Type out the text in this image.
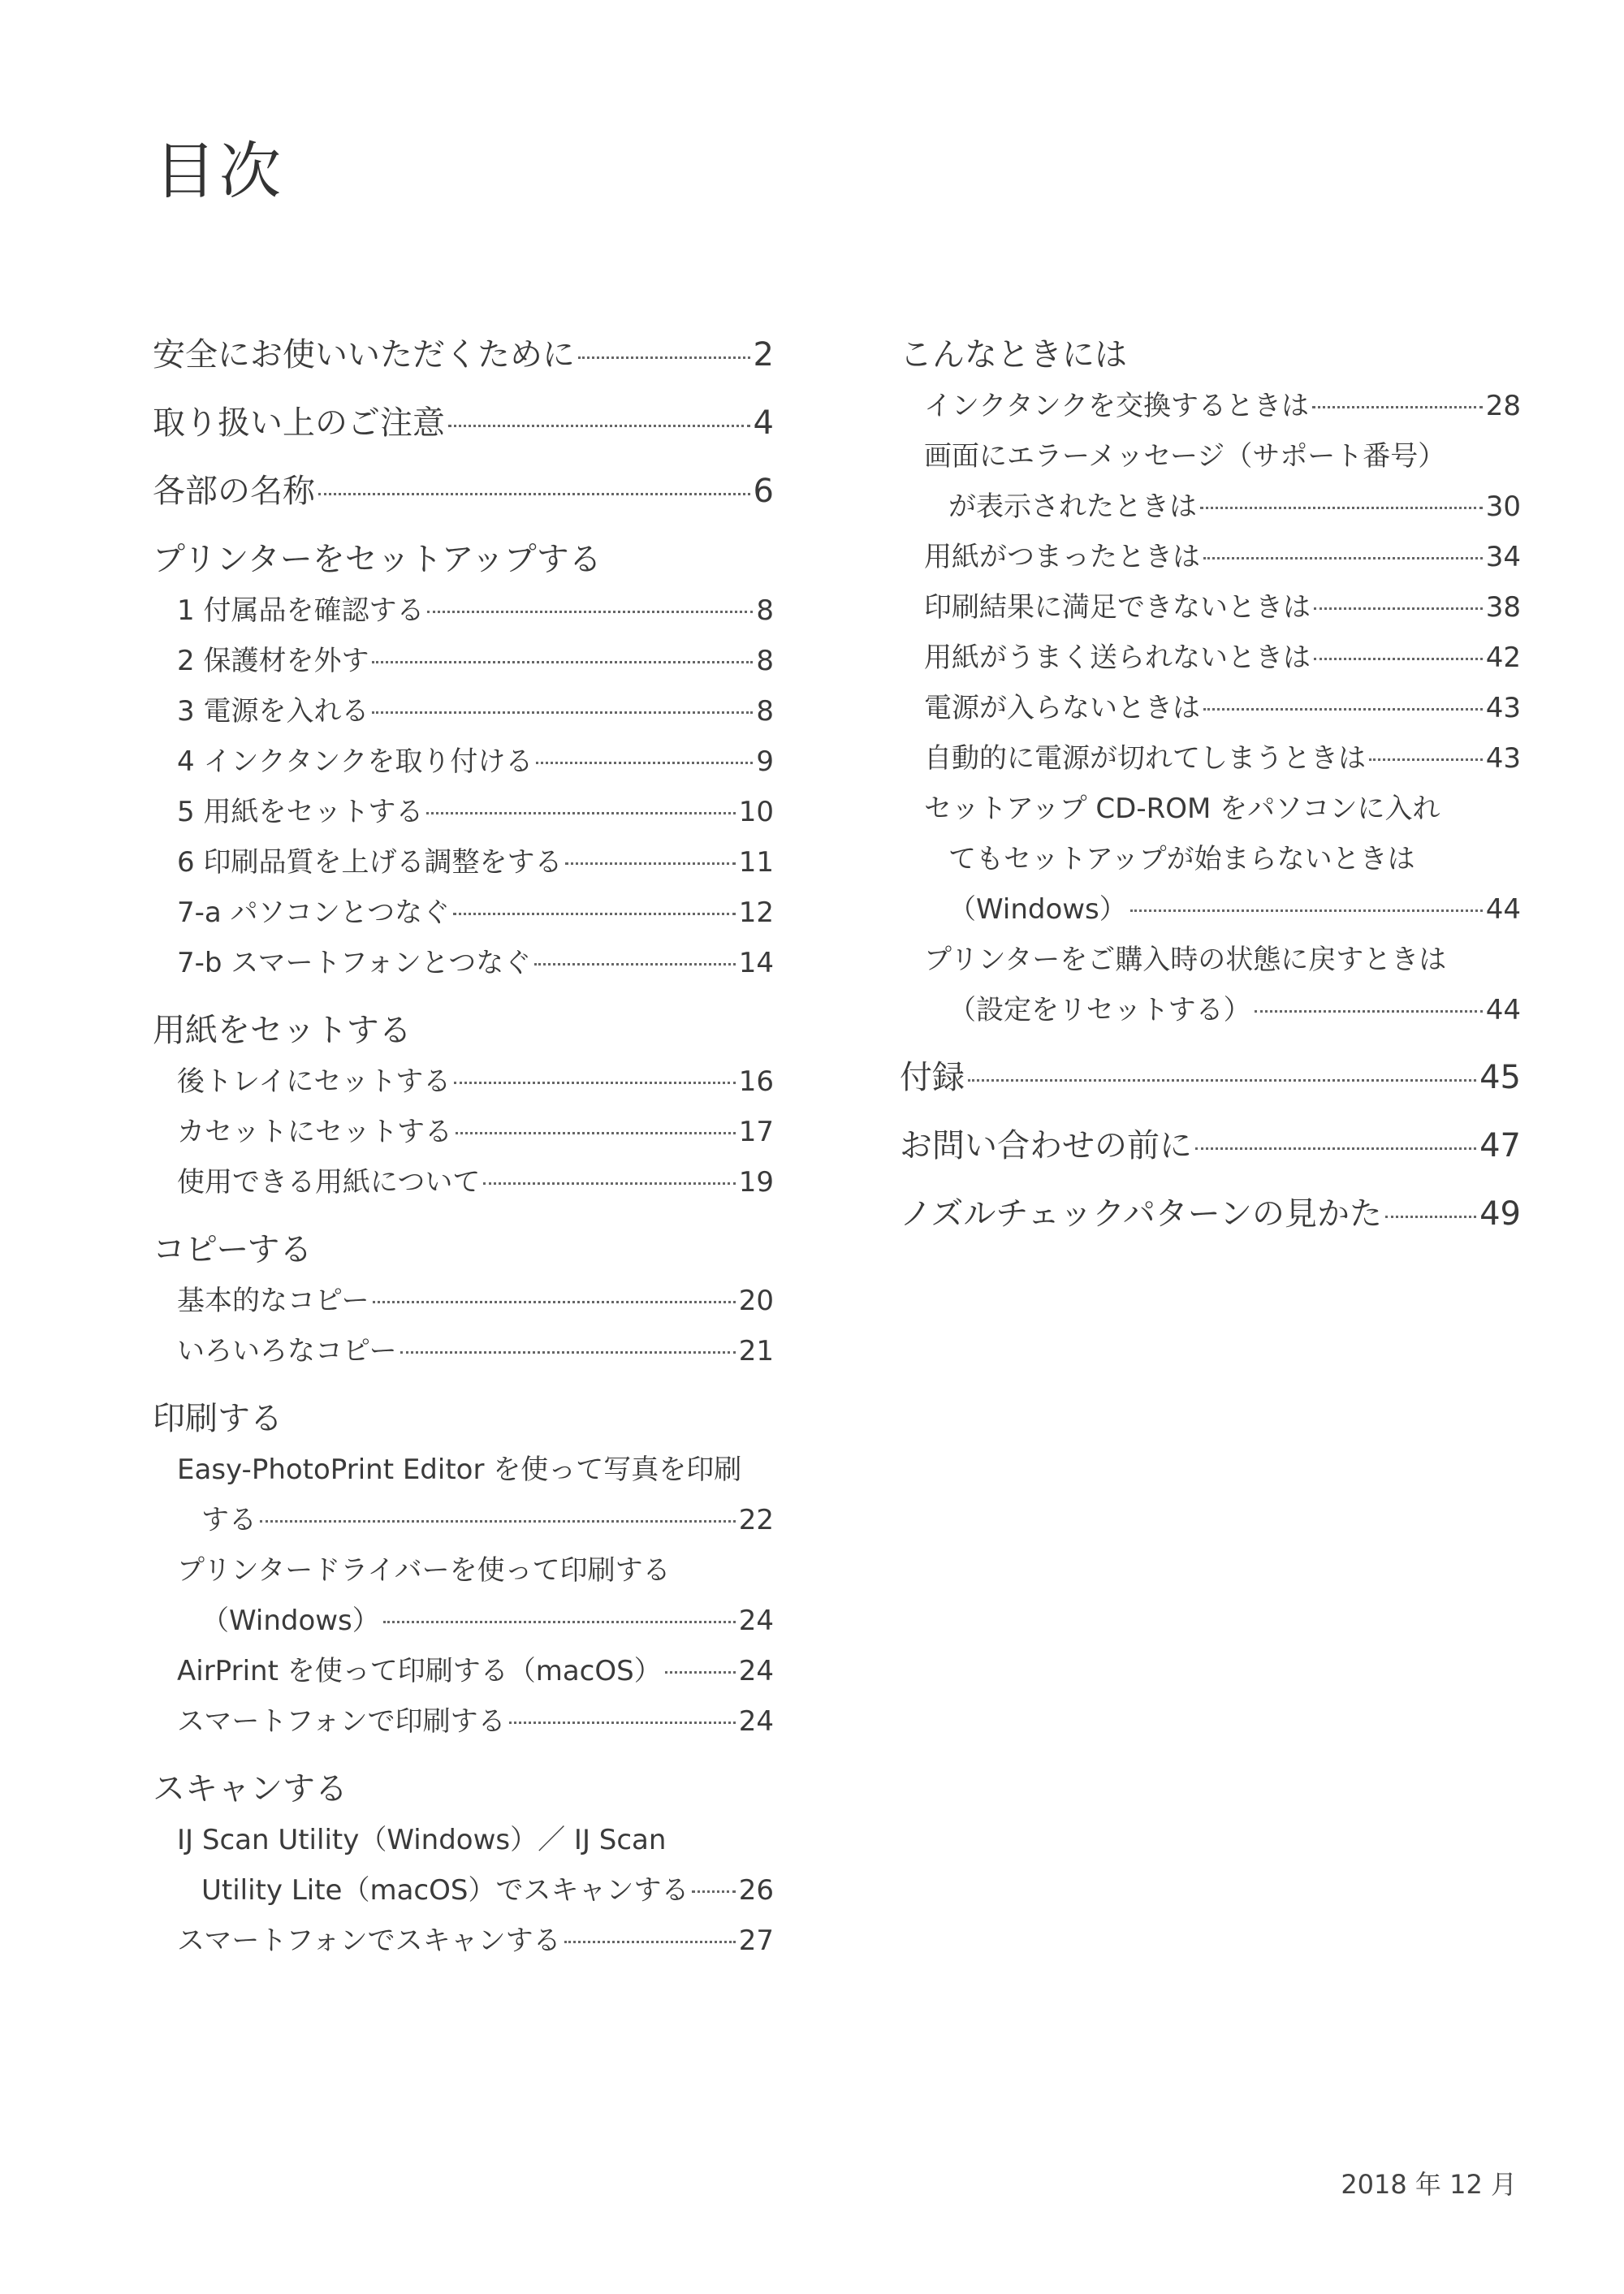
目次
安全にお使いいただくために	2
取り扱い上のご注意	4
各部の名称	6
プリンターをセットアップする
1 付属品を確認する	8
2 保護材を外す	8
3 電源を入れる	8
4 インクタンクを取り付ける	9
5 用紙をセットする	10
6 印刷品質を上げる調整をする	11
7-a パソコンとつなぐ	12
7-b スマートフォンとつなぐ	14
用紙をセットする
後トレイにセットする	16
カセットにセットする	17
使用できる用紙について	19
コピーする
基本的なコピー	20
いろいろなコピー	21
印刷する
Easy-PhotoPrint Editor を使って写真を印刷
する	22
プリンタードライバーを使って印刷する
（Windows）	24
AirPrint を使って印刷する（macOS）	24
スマートフォンで印刷する	24
スキャンする
IJ Scan Utility（Windows）／ IJ Scan
Utility Lite（macOS）でスキャンする 26
スマートフォンでスキャンする	27
こんなときには
インクタンクを交換するときは	28
画面にエラーメッセージ（サポート番号）
が表示されたときは	30
用紙がつまったときは	34
印刷結果に満足できないときは	38
用紙がうまく送られないときは	42
電源が入らないときは	43
自動的に電源が切れてしまうときは	43
セットアップ CD-ROM をパソコンに入れ
てもセットアップが始まらないときは
（Windows）	44
プリンターをご購入時の状態に戻すときは
（設定をリセットする）	44
付録	45
お問い合わせの前に	47
ノズルチェックパターンの見かた	49
2018 年 12 月
